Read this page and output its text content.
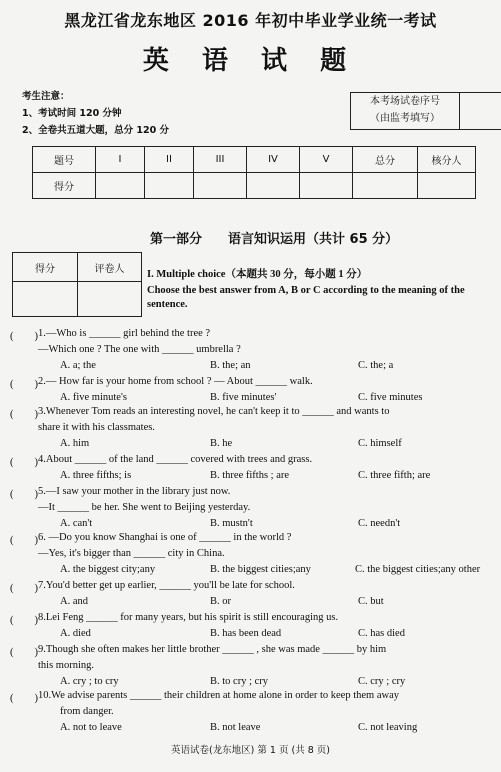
黑龙江省龙东地区 2016 年初中毕业学业统一考试
英 语 试 题
考生注意：
1、考试时间 120 分钟
2、全卷共五道大题，总分 120 分
本考场试卷序号
（由监考填写）
题号	I	II	III	IV	V	总分	核分人
得分							
第一部分　　语言知识运用（共计 65 分）
得分	评卷人
	I. Multiple choice（本题共 30 分，每小题 1 分）
Choose the best answer from A, B or C according to the meaning of the sentence.
(　　) 1.—Who is ______ girl behind the tree ?
—Which one ? The one with ______ umbrella ?
A. a; the	B. the; an	C. the; a
(　　) 2.— How far is your home from school ? — About ______ walk.
A. five minute's	B. five minutes'	C. five minutes
(　　) 3.Whenever Tom reads an interesting novel, he can't keep it to ______ and wants to
share it with his classmates.
A. him	B. he	C. himself
(　　) 4.About ______ of the land ______ covered with trees and grass.
A. three fifths; is	B. three fifths ; are	C. three fifth; are
(　　) 5.—I saw your mother in the library just now.
—It ______ be her. She went to Beijing yesterday.
A. can't	B. mustn't	C. needn't
(　　) 6. —Do you know Shanghai is one of ______ in the world ?
—Yes, it's bigger than ______ city in China.
A. the biggest city;any	B. the biggest cities;any	C. the biggest cities;any other
(　　) 7.You'd better get up earlier, ______ you'll be late for school.
A. and	B. or	C. but
(　　) 8.Lei Feng ______ for many years, but his spirit is still encouraging us.
A. died	B. has been dead	C. has died
(　　) 9.Though she often makes her little brother ______ , she was made ______ by him
this morning.
A. cry ; to cry	B. to cry ; cry	C. cry ; cry
(　　) 10.We advise parents ______ their children at home alone in order to keep them away
from danger.
A. not to leave	B. not leave	C. not leaving
英语试卷(龙东地区) 第 1 页 (共 8 页)
